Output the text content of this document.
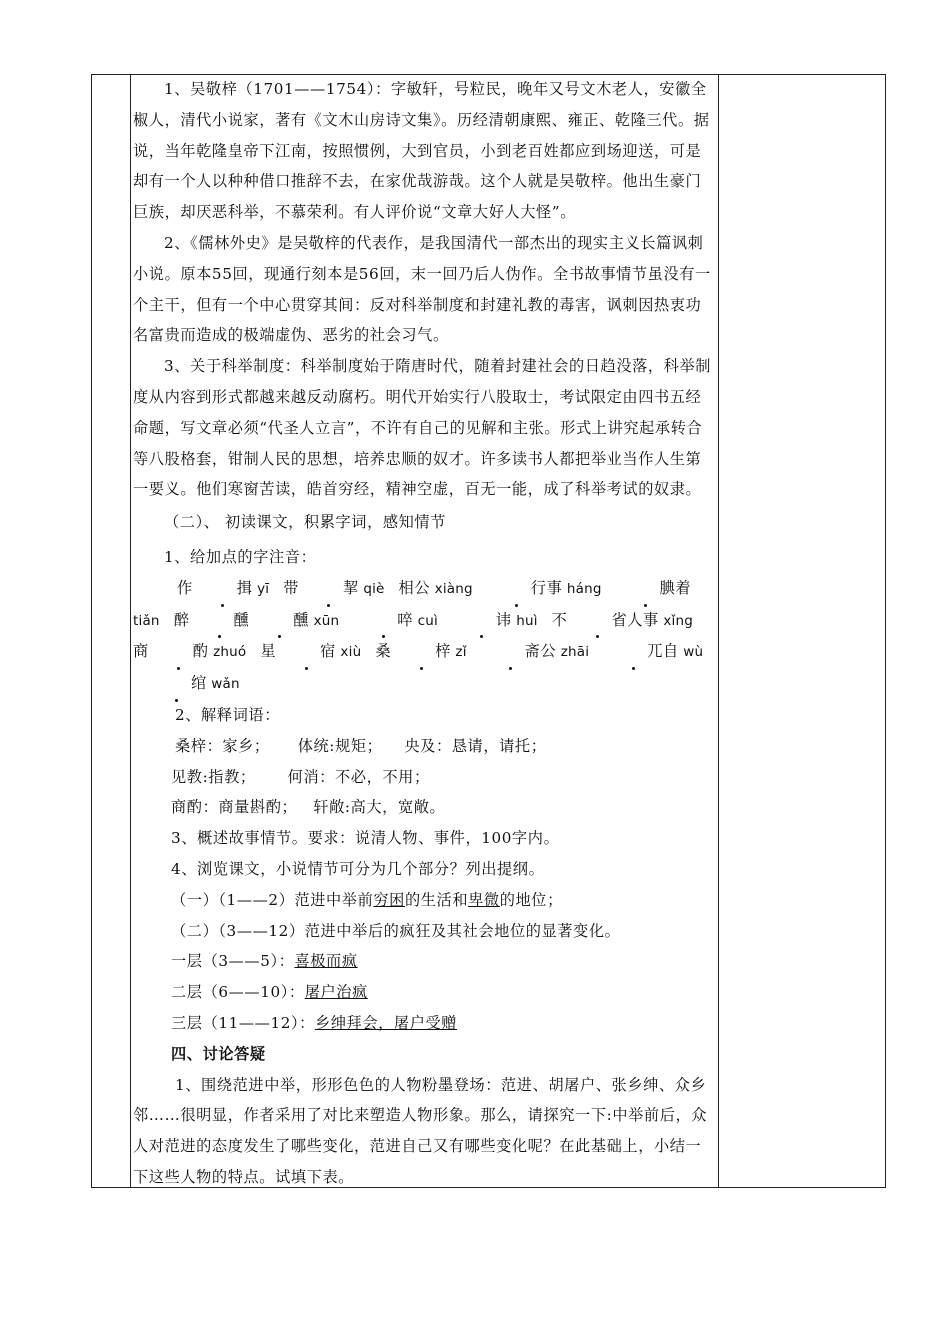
1、吴敬梓（1701——1754）：字敏轩，号粒民，晚年又号文木老人，安徽全椒人，清代小说家，著有《文木山房诗文集》。历经清朝康熙、雍正、乾隆三代。据说，当年乾隆皇帝下江南，按照惯例，大到官员，小到老百姓都应到场迎送，可是却有一个人以种种借口推辞不去，在家优哉游哉。这个人就是吴敬梓。他出生豪门巨族，却厌恶科举，不慕荣利。有人评价说“文章大好人大怪”。

2、《儒林外史》是吴敬梓的代表作，是我国清代一部杰出的现实主义长篇讽刺小说。原本55回，现通行刻本是56回，末一回乃后人伪作。全书故事情节虽没有一个主干，但有一个中心贯穿其间：反对科举制度和封建礼教的毒害，讽刺因热衷功名富贵而造成的极端虚伪、恶劣的社会习气。

3、关于科举制度：科举制度始于隋唐时代，随着封建社会的日趋没落，科举制度从内容到形式都越来越反动腐朽。明代开始实行八股取士，考试限定由四书五经命题，写文章必须“代圣人立言”，不许有自己的见解和主张。形式上讲究起承转合等八股格套，钳制人民的思想，培养忠顺的奴才。许多读书人都把举业当作人生第一要义。他们寒窗苦读，皓首穷经，精神空虚，百无一能，成了科举考试的奴隶。

（二）、 初读课文，积累字词，感知情节

1、给加点的字注音：

作	揖 yī 带	挈 qiè 相公 xiàng	行事 háng	腆着 tiǎn 醉	醺	醺 xūn	啐 cuì	讳 huì 不	省人事 xǐng商	酌 zhuó 星	宿 xiù 桑	梓 zǐ	斋公 zhāi	兀自 wù绾 wǎn

2、解释词语：

桑梓：家乡； 体统:规矩； 央及：恳请，请托；

见教:指教； 何消：不必，不用；

商酌：商量斟酌； 轩敞:高大，宽敞。

3、概述故事情节。要求：说清人物、事件，100字内。

4、浏览课文，小说情节可分为几个部分？列出提纲。

（一）（1——2）范进中举前穷困的生活和卑微的地位；

（二）（3——12）范进中举后的疯狂及其社会地位的显著变化。

一层（3——5）：喜极而疯

二层（6——10）：屠户治疯

三层（11——12）：乡绅拜会，屠户受赠

四、讨论答疑

1、围绕范进中举，形形色色的人物粉墨登场：范进、胡屠户、张乡绅、众乡邻……很明显，作者采用了对比来塑造人物形象。那么，请探究一下:中举前后，众人对范进的态度发生了哪些变化，范进自己又有哪些变化呢？在此基础上，小结一下这些人物的特点。试填下表。
